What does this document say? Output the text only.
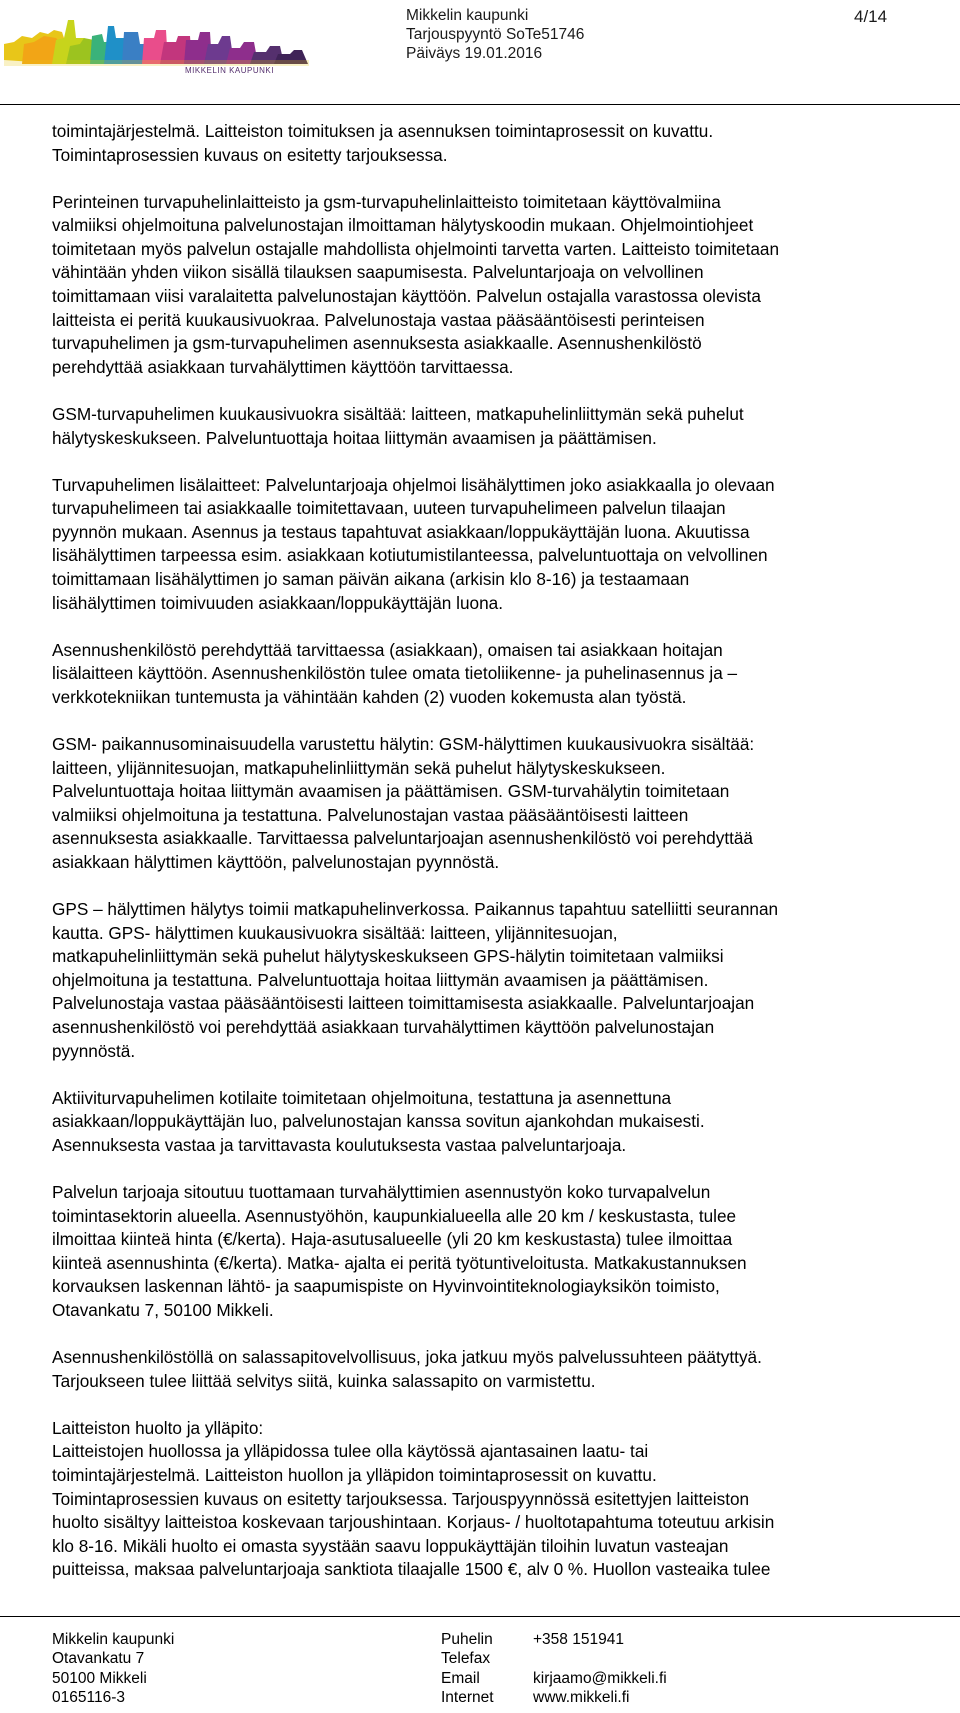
MIKKELIN KAUPUNKI
Mikkelin kaupunki
Tarjouspyyntö SoTe51746
Päiväys 19.01.2016
4/14

toimintajärjestelmä. Laitteiston toimituksen ja asennuksen toimintaprosessit on kuvattu.
Toimintaprosessien kuvaus on esitetty tarjouksessa.

Perinteinen turvapuhelinlaitteisto ja gsm-turvapuhelinlaitteisto toimitetaan käyttövalmiina
valmiiksi ohjelmoituna palvelunostajan ilmoittaman hälytyskoodin mukaan. Ohjelmointiohjeet
toimitetaan myös palvelun ostajalle mahdollista ohjelmointi tarvetta varten. Laitteisto toimitetaan
vähintään yhden viikon sisällä tilauksen saapumisesta. Palveluntarjoaja on velvollinen
toimittamaan viisi varalaitetta palvelunostajan käyttöön. Palvelun ostajalla varastossa olevista
laitteista ei peritä kuukausivuokraa. Palvelunostaja vastaa pääsääntöisesti perinteisen
turvapuhelimen ja gsm-turvapuhelimen asennuksesta asiakkaalle. Asennushenkilöstö
perehdyttää asiakkaan turvahälyttimen käyttöön tarvittaessa.

GSM-turvapuhelimen kuukausivuokra sisältää: laitteen, matkapuhelinliittymän sekä puhelut
hälytyskeskukseen. Palveluntuottaja hoitaa liittymän avaamisen ja päättämisen.

Turvapuhelimen lisälaitteet: Palveluntarjoaja ohjelmoi lisähälyttimen joko asiakkaalla jo olevaan
turvapuhelimeen tai asiakkaalle toimitettavaan, uuteen turvapuhelimeen palvelun tilaajan
pyynnön mukaan. Asennus ja testaus tapahtuvat asiakkaan/loppukäyttäjän luona. Akuutissa
lisähälyttimen tarpeessa esim. asiakkaan kotiutumistilanteessa, palveluntuottaja on velvollinen
toimittamaan lisähälyttimen jo saman päivän aikana (arkisin klo 8-16) ja testaamaan
lisähälyttimen toimivuuden asiakkaan/loppukäyttäjän luona.

Asennushenkilöstö perehdyttää tarvittaessa (asiakkaan), omaisen tai asiakkaan hoitajan
lisälaitteen käyttöön. Asennushenkilöstön tulee omata tietoliikenne- ja puhelinasennus ja –
verkkotekniikan tuntemusta ja vähintään kahden (2) vuoden kokemusta alan työstä.

GSM- paikannusominaisuudella varustettu hälytin: GSM-hälyttimen kuukausivuokra sisältää:
laitteen, ylijännitesuojan, matkapuhelinliittymän sekä puhelut hälytyskeskukseen.
Palveluntuottaja hoitaa liittymän avaamisen ja päättämisen. GSM-turvahälytin toimitetaan
valmiiksi ohjelmoituna ja testattuna. Palvelunostajan vastaa pääsääntöisesti laitteen
asennuksesta asiakkaalle. Tarvittaessa palveluntarjoajan asennushenkilöstö voi perehdyttää
asiakkaan hälyttimen käyttöön, palvelunostajan pyynnöstä.

GPS – hälyttimen hälytys toimii matkapuhelinverkossa. Paikannus tapahtuu satelliitti seurannan
kautta. GPS- hälyttimen kuukausivuokra sisältää: laitteen, ylijännitesuojan,
matkapuhelinliittymän sekä puhelut hälytyskeskukseen GPS-hälytin toimitetaan valmiiksi
ohjelmoituna ja testattuna. Palveluntuottaja hoitaa liittymän avaamisen ja päättämisen.
Palvelunostaja vastaa pääsääntöisesti laitteen toimittamisesta asiakkaalle. Palveluntarjoajan
asennushenkilöstö voi perehdyttää asiakkaan turvahälyttimen käyttöön palvelunostajan
pyynnöstä.

Aktiiviturvapuhelimen kotilaite toimitetaan ohjelmoituna, testattuna ja asennettuna
asiakkaan/loppukäyttäjän luo, palvelunostajan kanssa sovitun ajankohdan mukaisesti.
Asennuksesta vastaa ja tarvittavasta koulutuksesta vastaa palveluntarjoaja.

Palvelun tarjoaja sitoutuu tuottamaan turvahälyttimien asennustyön koko turvapalvelun
toimintasektorin alueella. Asennustyöhön, kaupunkialueella alle 20 km / keskustasta, tulee
ilmoittaa kiinteä hinta (€/kerta). Haja-asutusalueelle (yli 20 km keskustasta) tulee ilmoittaa
kiinteä asennushinta (€/kerta). Matka- ajalta ei peritä työtuntiveloitusta. Matkakustannuksen
korvauksen laskennan lähtö- ja saapumispiste on Hyvinvointiteknologiayksikön toimisto,
Otavankatu 7, 50100 Mikkeli.

Asennushenkilöstöllä on salassapitovelvollisuus, joka jatkuu myös palvelussuhteen päätyttyä.
Tarjoukseen tulee liittää selvitys siitä, kuinka salassapito on varmistettu.

Laitteiston huolto ja ylläpito:
Laitteistojen huollossa ja ylläpidossa tulee olla käytössä ajantasainen laatu- tai
toimintajärjestelmä. Laitteiston huollon ja ylläpidon toimintaprosessit on kuvattu.
Toimintaprosessien kuvaus on esitetty tarjouksessa. Tarjouspyynnössä esitettyjen laitteiston
huolto sisältyy laitteistoa koskevaan tarjoushintaan. Korjaus- / huoltotapahtuma toteutuu arkisin
klo 8-16. Mikäli huolto ei omasta syystään saavu loppukäyttäjän tiloihin luvatun vasteajan
puitteissa, maksaa palveluntarjoaja sanktiota tilaajalle 1500 €, alv 0 %. Huollon vasteaika tulee

Mikkelin kaupunki
Otavankatu 7
50100 Mikkeli
0165116-3
Puhelin
Telefax
Email
Internet
+358 151941

kirjaamo@mikkeli.fi
www.mikkeli.fi
